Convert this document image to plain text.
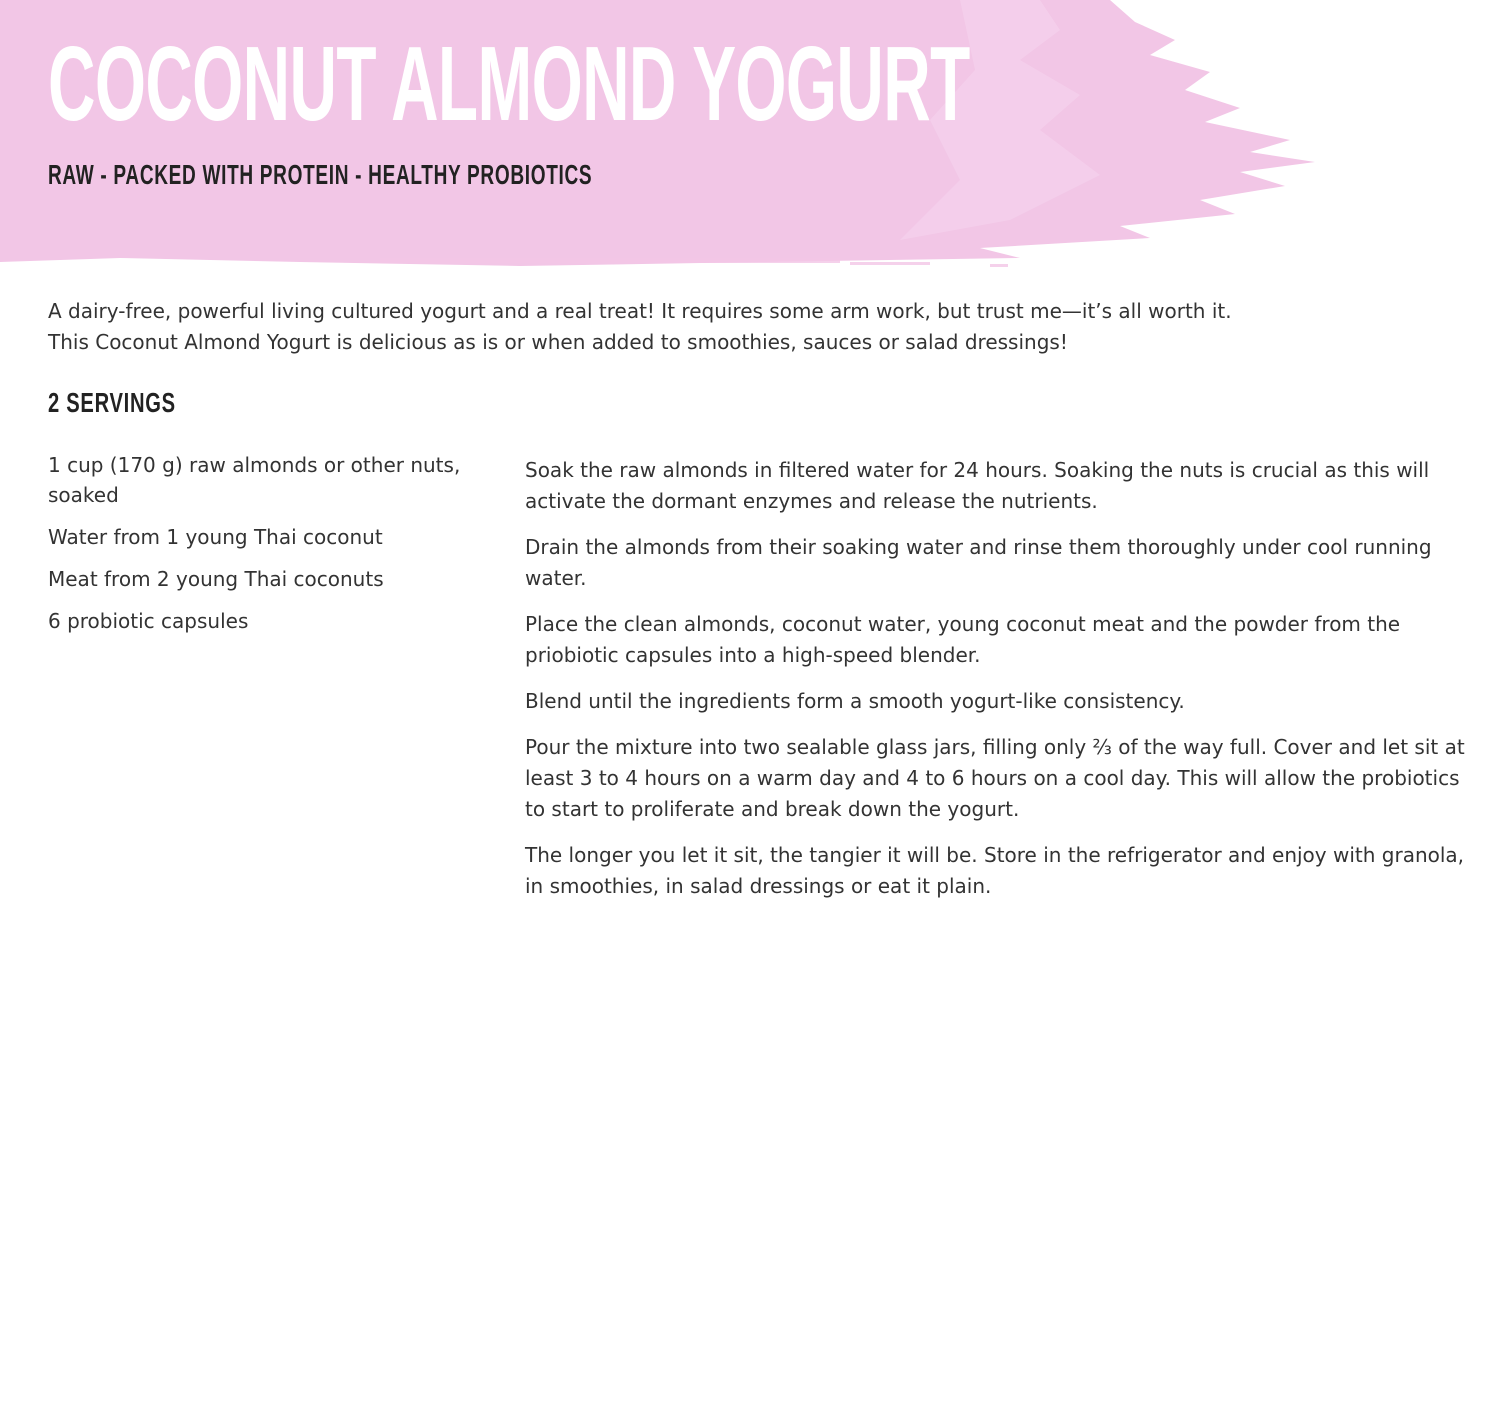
COCONUT ALMOND YOGURT
RAW - PACKED WITH PROTEIN - HEALTHY PROBIOTICS

A dairy-free, powerful living cultured yogurt and a real treat! It requires some arm work, but trust me—it’s all worth it. This Coconut Almond Yogurt is delicious as is or when added to smoothies, sauces or salad dressings!

2 SERVINGS
1 cup (170 g) raw almonds or other nuts, soaked
Water from 1 young Thai coconut
Meat from 2 young Thai coconuts
6 probiotic capsules
Soak the raw almonds in filtered water for 24 hours. Soaking the nuts is crucial as this will activate the dormant enzymes and release the nutrients.
Drain the almonds from their soaking water and rinse them thoroughly under cool running water.
Place the clean almonds, coconut water, young coconut meat and the powder from the priobiotic capsules into a high-speed blender.
Blend until the ingredients form a smooth yogurt-like consistency.
Pour the mixture into two sealable glass jars, filling only ⅔ of the way full. Cover and let sit at least 3 to 4 hours on a warm day and 4 to 6 hours on a cool day. This will allow the probiotics to start to proliferate and break down the yogurt.
The longer you let it sit, the tangier it will be. Store in the refrigerator and enjoy with granola, in smoothies, in salad dressings or eat it plain.
